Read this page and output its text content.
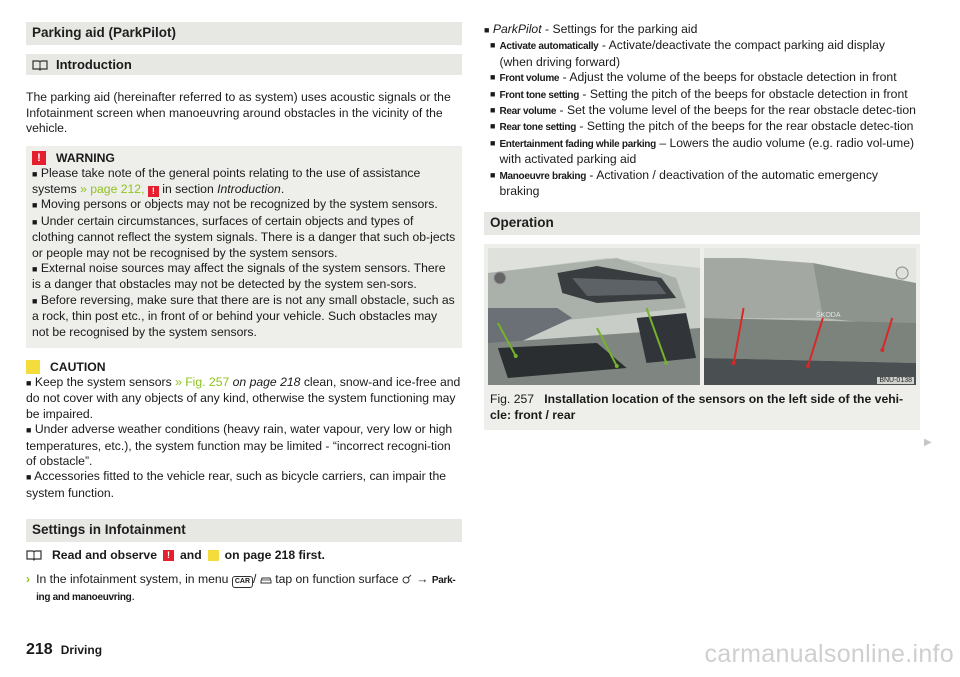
Parking aid (ParkPilot)
Introduction

The parking aid (hereinafter referred to as system) uses acoustic signals or the Infotainment screen when manoeuvring around obstacles in the vicinity of the vehicle.

!	WARNING

■ Please take note of the general points relating to the use of assistance systems » page 212, ! in section Introduction.

■ Moving persons or objects may not be recognized by the system sensors.

■ Under certain circumstances, surfaces of certain objects and types of clothing cannot reflect the system signals. There is a danger that such ob-jects or people may not be recognised by the system sensors.

■ External noise sources may affect the signals of the system sensors. There is a danger that obstacles may not be detected by the system sen-sors.

■ Before reversing, make sure that there are is not any small obstacle, such as a rock, thin post etc., in front of or behind your vehicle. Such obstacles may not be recognised by the system sensors.

CAUTION

■ Keep the system sensors » Fig. 257 on page 218 clean, snow-and ice-free and do not cover with any objects of any kind, otherwise the system functioning may be impaired.

■ Under adverse weather conditions (heavy rain, water vapour, very low or high temperatures, etc.), the system function may be limited - “incorrect recogni-tion of obstacle”.

■ Accessories fitted to the vehicle rear, such as bicycle carriers, can impair the system function.

Settings in Infotainment
Read and observe	! and on page 218 first.
› In the infotainment system, in menu CAR /  tap on function surface  → Park-ing and manoeuvring.
■ ParkPilot - Settings for the parking aid
■ Activate automatically - Activate/deactivate the compact parking aid display (when driving forward)
■ Front volume - Adjust the volume of the beeps for obstacle detection in front
■ Front tone setting - Setting the pitch of the beeps for obstacle detection in front
■ Rear volume - Set the volume level of the beeps for the rear obstacle detec-tion
■ Rear tone setting - Setting the pitch of the beeps for the rear obstacle detec-tion
■ Entertainment fading while parking – Lowers the audio volume (e.g. radio vol-ume) with activated parking aid
■ Manoeuvre braking - Activation / deactivation of the automatic emergency braking
Operation
ŠKODA
BNU-0138
Fig. 257 Installation location of the sensors on the left side of the vehi-cle: front / rear
▶
218 Driving	carmanualsonline.info
